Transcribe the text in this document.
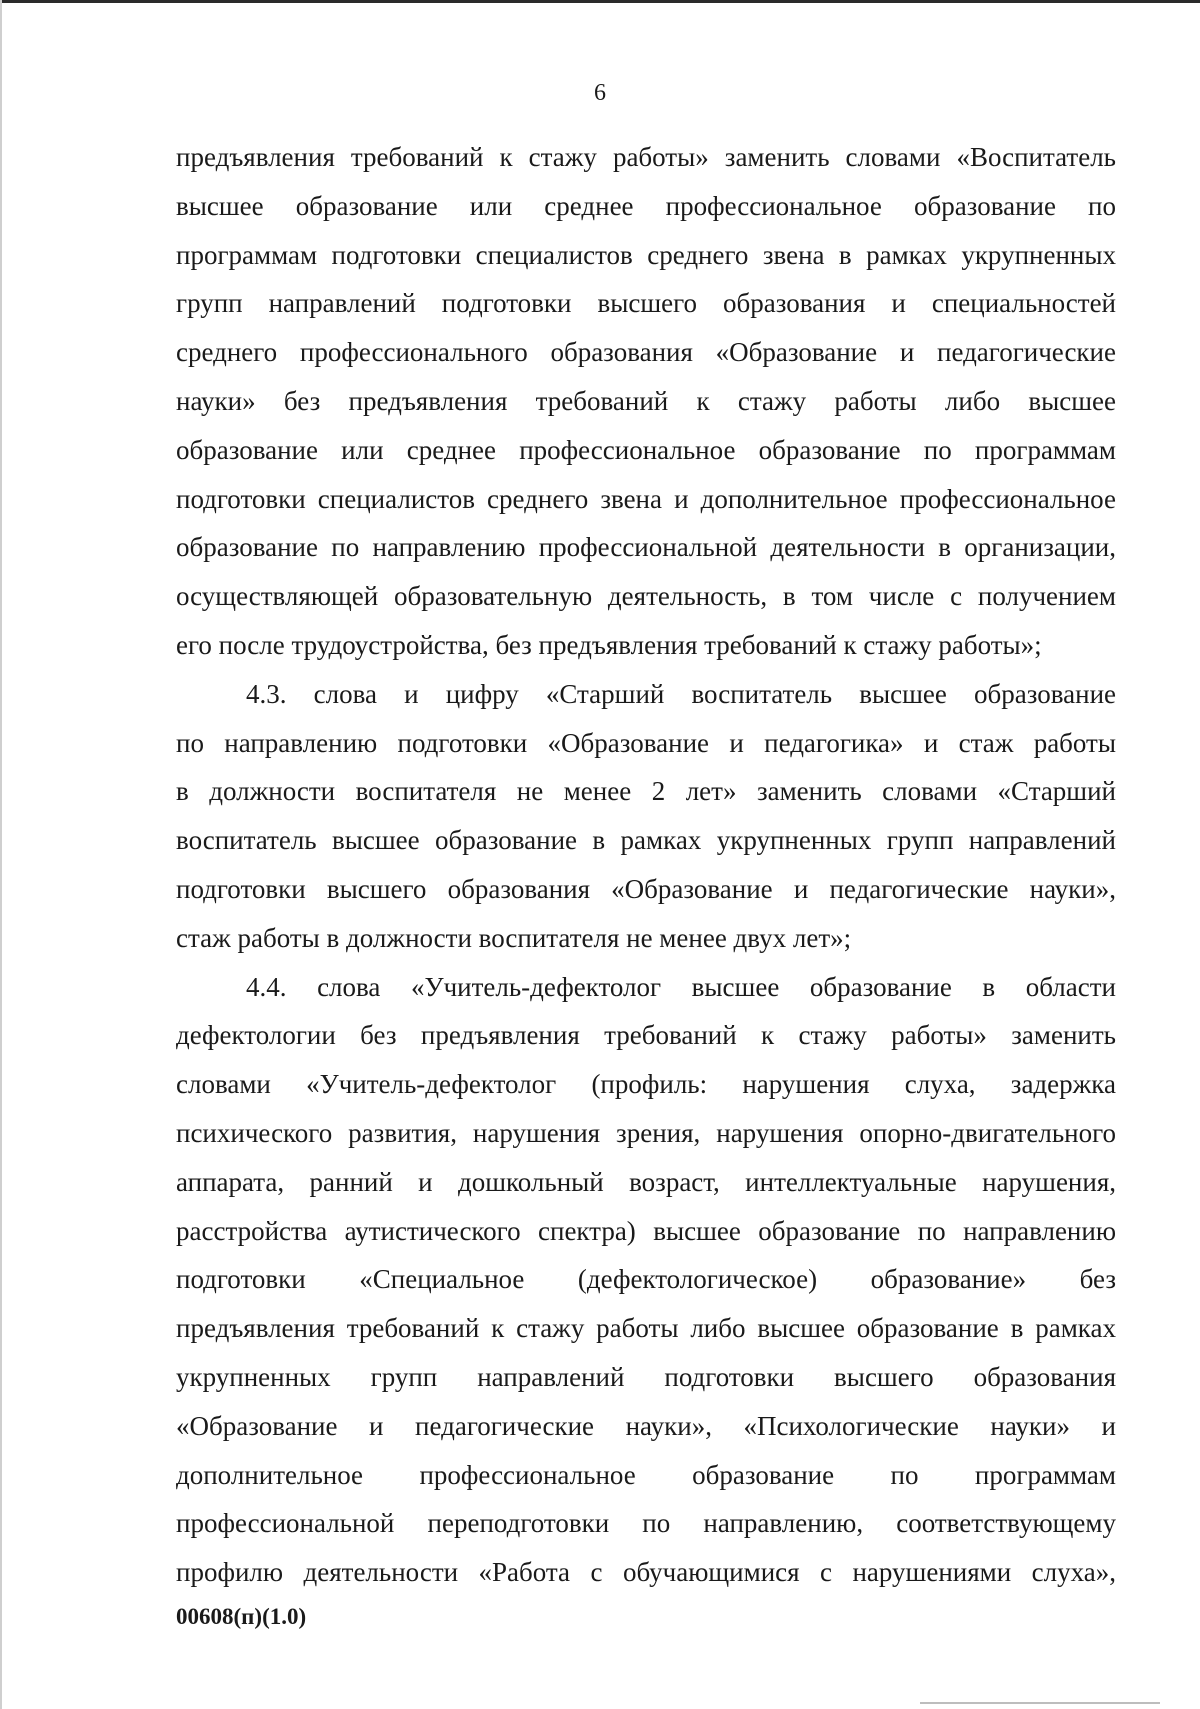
6
предъявления требований к стажу работы» заменить словами «Воспитатель
высшее образование или среднее профессиональное образование по
программам подготовки специалистов среднего звена в рамках укрупненных
групп направлений подготовки высшего образования и специальностей
среднего профессионального образования «Образование и педагогические
науки» без предъявления требований к стажу работы либо высшее
образование или среднее профессиональное образование по программам
подготовки специалистов среднего звена и дополнительное профессиональное
образование по направлению профессиональной деятельности в организации,
осуществляющей образовательную деятельность, в том числе с получением
его после трудоустройства, без предъявления требований к стажу работы»;
4.3. слова и цифру «Старший воспитатель высшее образование
по направлению подготовки «Образование и педагогика» и стаж работы
в должности воспитателя не менее 2 лет» заменить словами «Старший
воспитатель высшее образование в рамках укрупненных групп направлений
подготовки высшего образования «Образование и педагогические науки»,
стаж работы в должности воспитателя не менее двух лет»;
4.4. слова «Учитель-дефектолог высшее образование в области
дефектологии без предъявления требований к стажу работы» заменить
словами «Учитель-дефектолог (профиль: нарушения слуха, задержка
психического развития, нарушения зрения, нарушения опорно-двигательного
аппарата, ранний и дошкольный возраст, интеллектуальные нарушения,
расстройства аутистического спектра) высшее образование по направлению
подготовки «Специальное (дефектологическое) образование» без
предъявления требований к стажу работы либо высшее образование в рамках
укрупненных групп направлений подготовки высшего образования
«Образование и педагогические науки», «Психологические науки» и
дополнительное профессиональное образование по программам
профессиональной переподготовки по направлению, соответствующему
профилю деятельности «Работа с обучающимися с нарушениями слуха»,
00608(п)(1.0)
